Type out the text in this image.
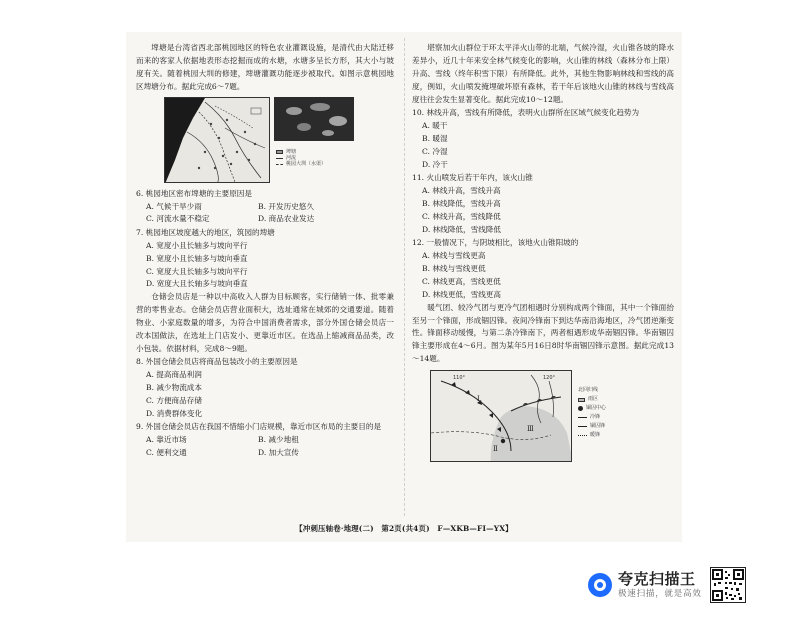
埤塘是台湾省西北部桃园地区的特色农业灌溉设施，是清代由大陆迁移而来的客家人依据地表形态挖掘而成的水塘，水塘多呈长方形，其大小与坡度有关。随着桃园大圳的修建，埤塘灌溉功能逐步被取代。如图示意桃园地区埤塘分布。据此完成6～7题。

埤塘
河流
桃园大圳（水渠）

6. 桃园地区密布埤塘的主要原因是

A. 气候干旱少雨	B. 开发历史悠久
C. 河流水量不稳定	D. 商品农业发达

7. 桃园地区坡度越大的地区，筑园的埤塘

A. 宽度小且长轴多与坡向平行

B. 宽度小且长轴多与坡向垂直

C. 宽度大且长轴多与坡向平行

D. 宽度大且长轴多与坡向垂直

仓储会员店是一种以中高收入人群为目标顾客，实行储销一体、批零兼营的零售业态。仓储会员店营业面积大，选址通常在城郊的交通要道。随着物业、小家庭数量的增多，为符合中国消费者需求，部分外国仓储会员店一改本国做法，在选址上门店发小、更靠近市区。在选品上缩减商品品类，改小包装。依据材料，完成8～9题。

8. 外国仓储会员店将商品包装改小的主要原因是

A. 提高商品利润

B. 减少物流成本

C. 方便商品存储

D. 消费群体变化

9. 外国仓储会员店在我国不惜缩小门店规模，靠近市区布局的主要目的是

A. 靠近市场	B. 减少地租
C. 便利交通	D. 加大宣传

堪察加火山群位于环太平洋火山带的北端，气候冷湿，火山锥各坡的降水差异小，近几十年来安全林气候变化的影响，火山锥的林线（森林分布上限）升高、雪线（终年积雪下限）有所降低。此外，其他生物影响林线和雪线的高度，例如，火山喷发掩埋破坏原有森林，若干年后该地火山锥的林线与雪线高度往往会发生显著变化。据此完成10～12题。

10. 林线升高，雪线有所降低，表明火山群所在区域气候变化趋势为

A. 暖干

B. 暖湿

C. 冷湿

D. 冷干

11. 火山喷发后若干年内，该火山锥

A. 林线升高，雪线升高

B. 林线降低，雪线升高

C. 林线升高，雪线降低

D. 林线降低，雪线降低

12. 一般情况下，与阴坡相比，该地火山锥阳坡的

A. 林线与雪线更高

B. 林线与雪线更低

C. 林线更高，雪线更低

D. 林线更低，雪线更高

暖气团、较冷气团与更冷气团相遇时分别构成两个锋面，其中一个锋面抬至另一个锋面，形成锢囚锋。夜间冷锋南下到达华南沿海地区，冷气团逆渐变性。锋面移动缓慢，与第二条冷锋南下，两者相遇形成华南锢囚锋。华南锢囚锋主要形成在4～6月。图为某年5月16日8时华南锢囚锋示意图。据此完成13～14题。

Ⅰ
Ⅱ
Ⅲ
110°	120°
北回归线
雨区
锢囚中心
冷锋
锢囚锋
暖锋
【冲刺压轴卷·地理(二)　第2页(共4页)　F—XKB—FI—YX】
夸克扫描王
极速扫描，就是高效
